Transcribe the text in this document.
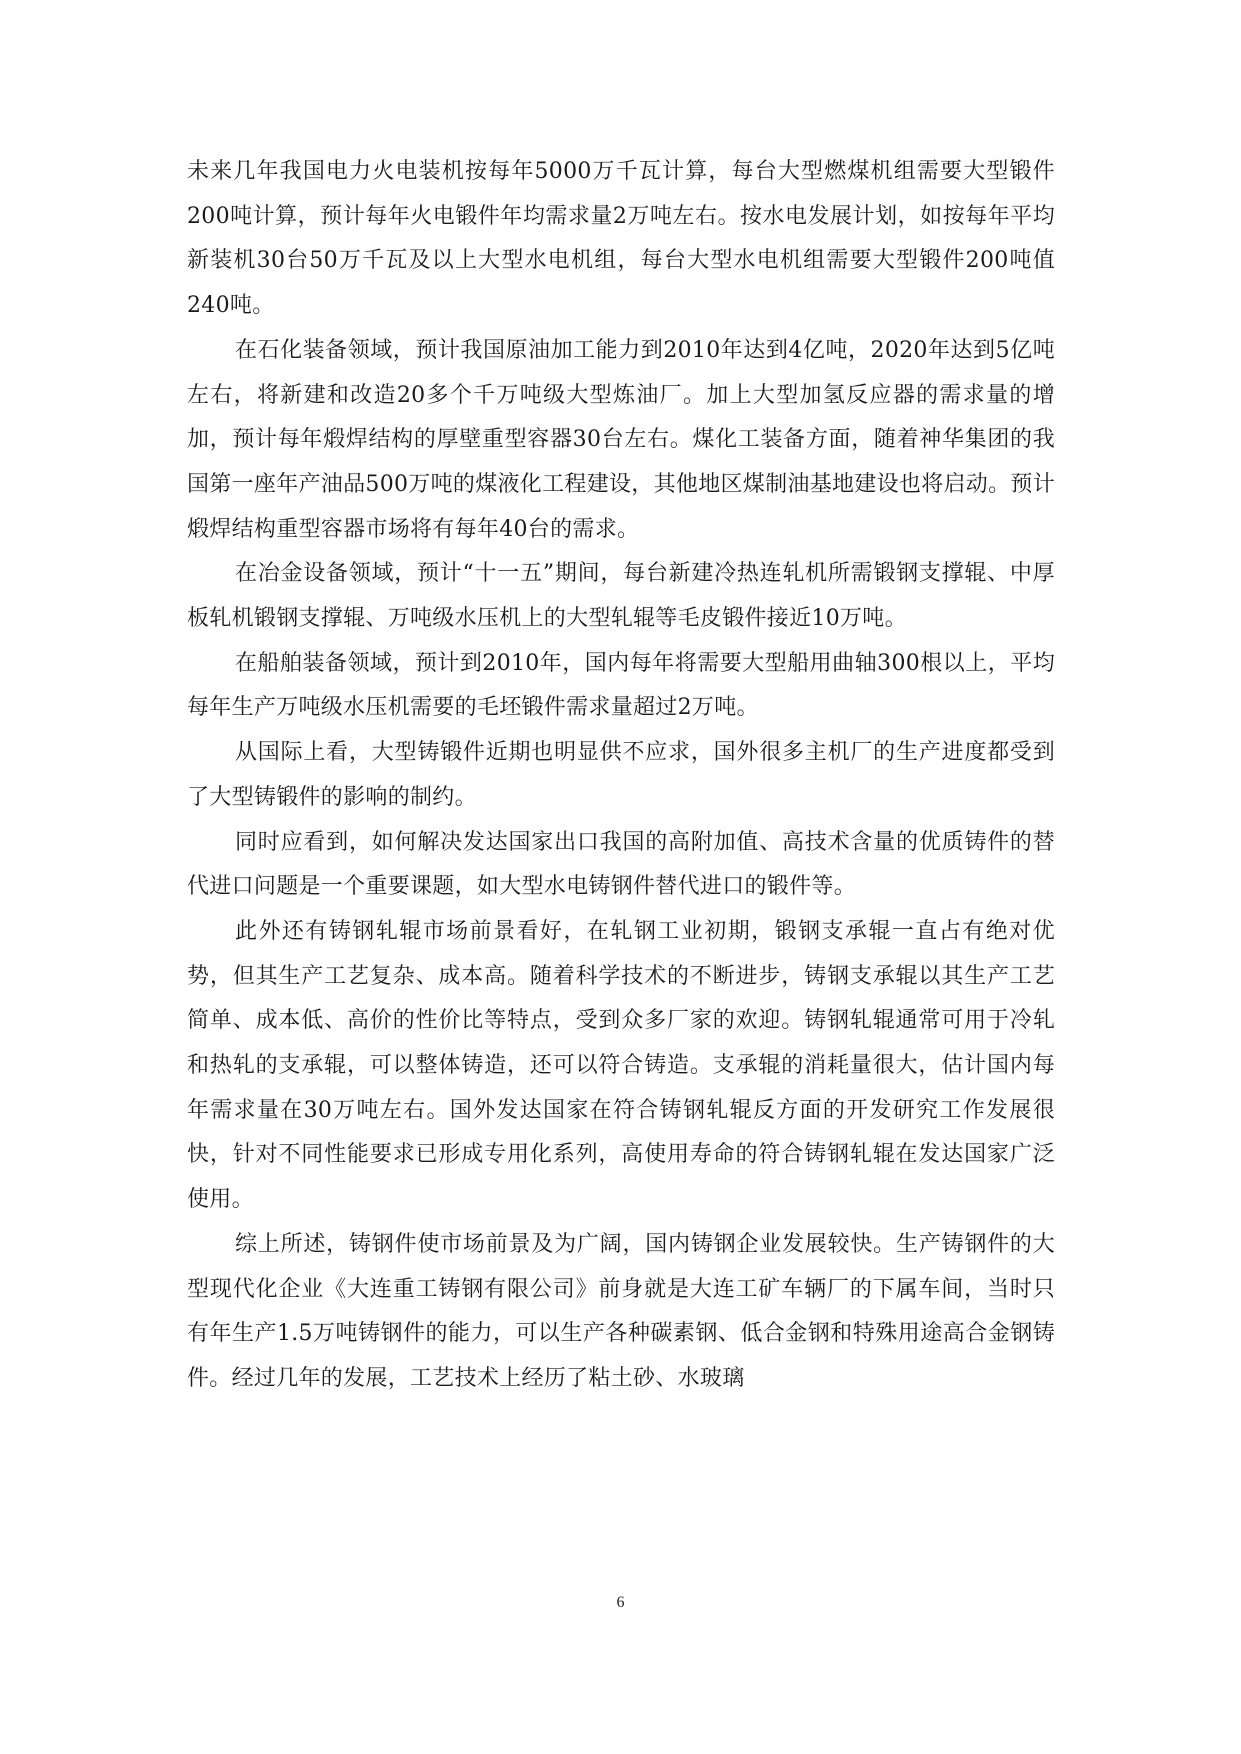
未来几年我国电力火电装机按每年5000万千瓦计算，每台大型燃煤机组需要大型锻件200吨计算，预计每年火电锻件年均需求量2万吨左右。按水电发展计划，如按每年平均新装机30台50万千瓦及以上大型水电机组，每台大型水电机组需要大型锻件200吨值240吨。

在石化装备领域，预计我国原油加工能力到2010年达到4亿吨，2020年达到5亿吨左右，将新建和改造20多个千万吨级大型炼油厂。加上大型加氢反应器的需求量的增加，预计每年煅焊结构的厚壁重型容器30台左右。煤化工装备方面，随着神华集团的我国第一座年产油品500万吨的煤液化工程建设，其他地区煤制油基地建设也将启动。预计煅焊结构重型容器市场将有每年40台的需求。

在冶金设备领域，预计“十一五”期间，每台新建冷热连轧机所需锻钢支撑辊、中厚板轧机锻钢支撑辊、万吨级水压机上的大型轧辊等毛皮锻件接近10万吨。

在船舶装备领域，预计到2010年，国内每年将需要大型船用曲轴300根以上，平均每年生产万吨级水压机需要的毛坯锻件需求量超过2万吨。

从国际上看，大型铸锻件近期也明显供不应求，国外很多主机厂的生产进度都受到了大型铸锻件的影响的制约。

同时应看到，如何解决发达国家出口我国的高附加值、高技术含量的优质铸件的替代进口问题是一个重要课题，如大型水电铸钢件替代进口的锻件等。

此外还有铸钢轧辊市场前景看好，在轧钢工业初期，锻钢支承辊一直占有绝对优势，但其生产工艺复杂、成本高。随着科学技术的不断进步，铸钢支承辊以其生产工艺简单、成本低、高价的性价比等特点，受到众多厂家的欢迎。铸钢轧辊通常可用于冷轧和热轧的支承辊，可以整体铸造，还可以符合铸造。支承辊的消耗量很大，估计国内每年需求量在30万吨左右。国外发达国家在符合铸钢轧辊反方面的开发研究工作发展很快，针对不同性能要求已形成专用化系列，高使用寿命的符合铸钢轧辊在发达国家广泛使用。

综上所述，铸钢件使市场前景及为广阔，国内铸钢企业发展较快。生产铸钢件的大型现代化企业《大连重工铸钢有限公司》前身就是大连工矿车辆厂的下属车间，当时只有年生产1.5万吨铸钢件的能力，可以生产各种碳素钢、低合金钢和特殊用途高合金钢铸件。经过几年的发展，工艺技术上经历了粘土砂、水玻璃

6
